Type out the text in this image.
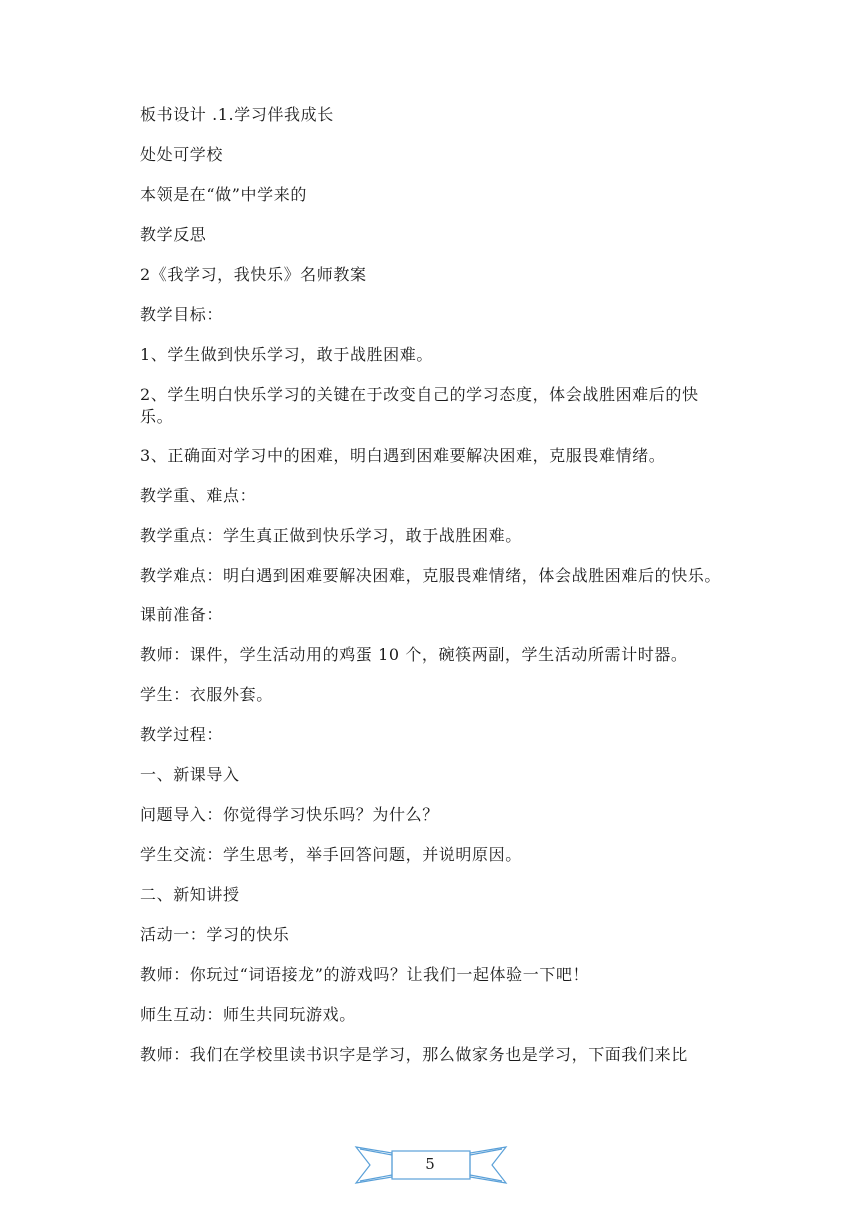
板书设计 .1.学习伴我成长

处处可学校

本领是在“做”中学来的

教学反思

2《我学习，我快乐》名师教案

教学目标：

1、学生做到快乐学习，敢于战胜困难。

2、学生明白快乐学习的关键在于改变自己的学习态度，体会战胜困难后的快乐。

3、正确面对学习中的困难，明白遇到困难要解决困难，克服畏难情绪。

教学重、难点：

教学重点：学生真正做到快乐学习，敢于战胜困难。

教学难点：明白遇到困难要解决困难，克服畏难情绪，体会战胜困难后的快乐。

课前准备：

教师：课件，学生活动用的鸡蛋 10 个，碗筷两副，学生活动所需计时器。

学生：衣服外套。

教学过程：

一、新课导入

问题导入：你觉得学习快乐吗？为什么？

学生交流：学生思考，举手回答问题，并说明原因。

二、新知讲授

活动一：学习的快乐

教师：你玩过“词语接龙”的游戏吗？让我们一起体验一下吧！

师生互动：师生共同玩游戏。

教师：我们在学校里读书识字是学习，那么做家务也是学习，下面我们来比

5
